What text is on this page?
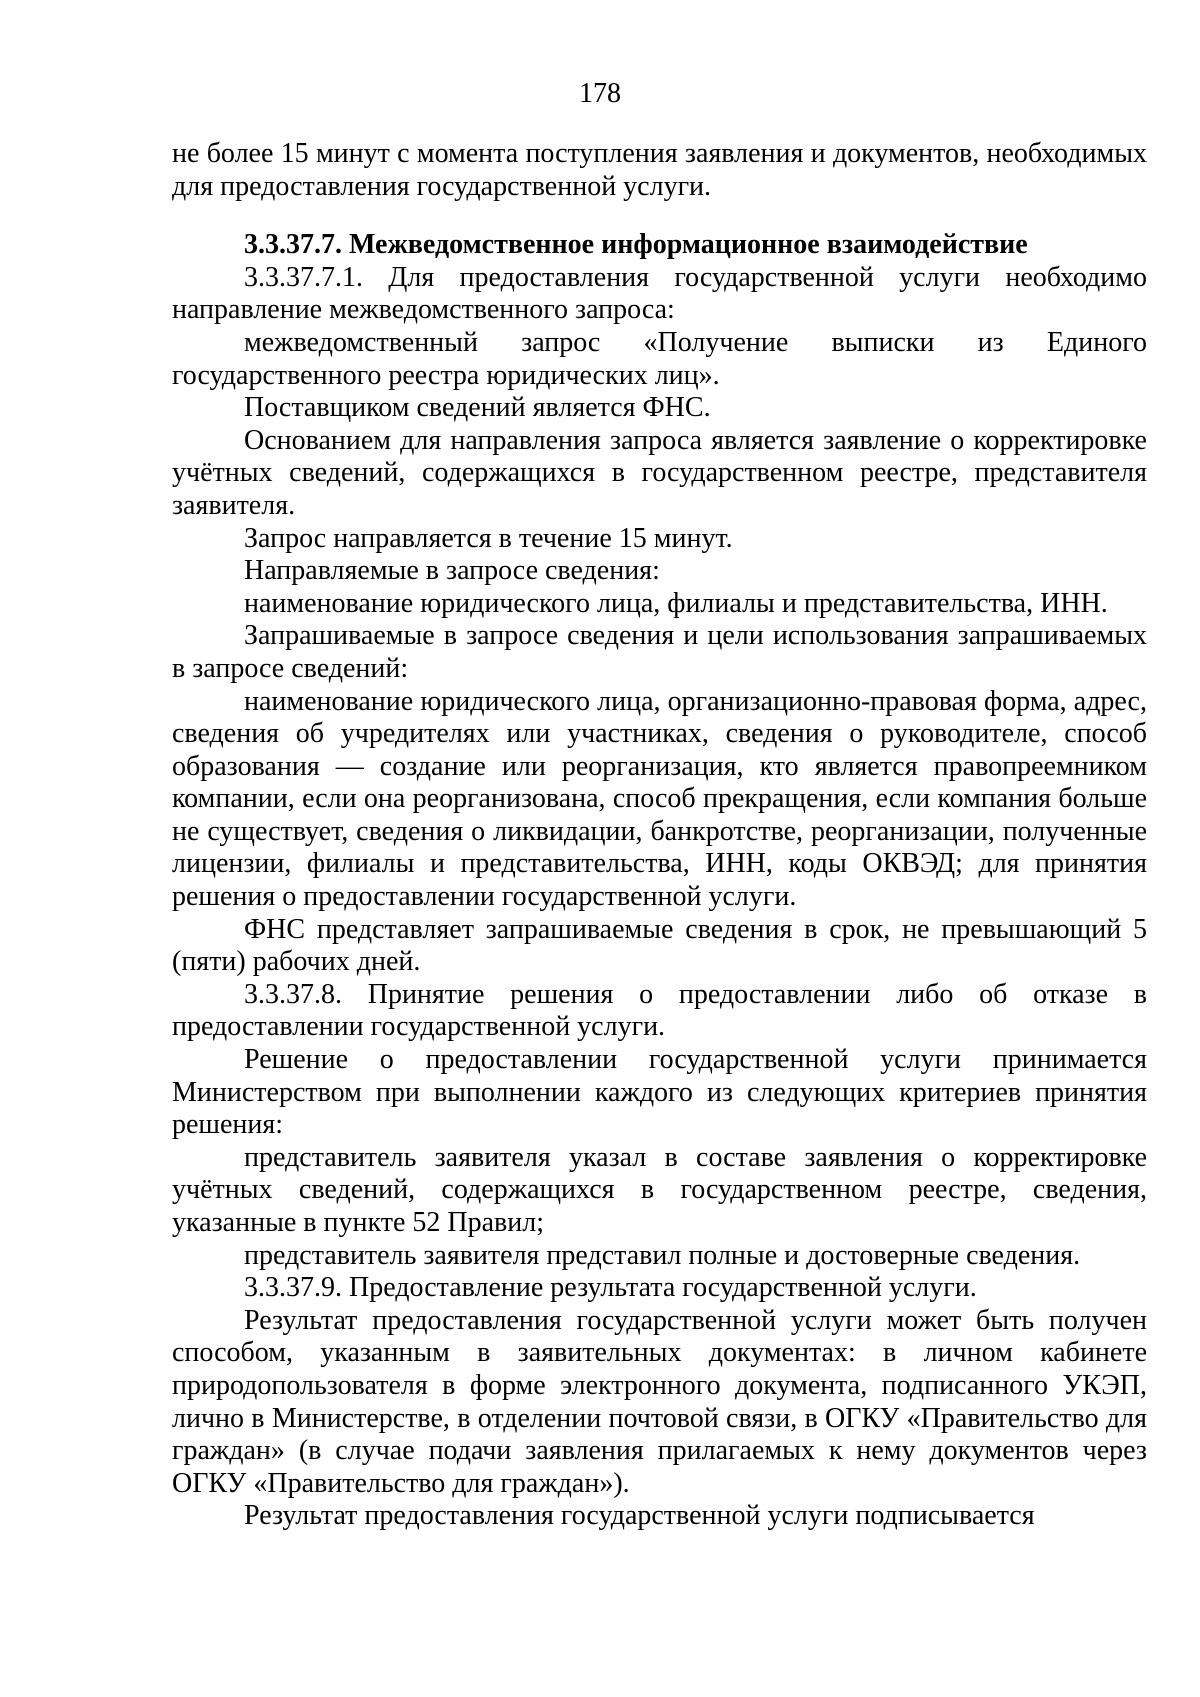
178

не более 15 минут с момента поступления заявления и документов, необходимых для предоставления государственной услуги.

3.3.37.7. Межведомственное информационное взаимодействие

3.3.37.7.1. Для предоставления государственной услуги необходимо направление межведомственного запроса:

межведомственный запрос «Получение выписки из Единого государственного реестра юридических лиц».

Поставщиком сведений является ФНС.

Основанием для направления запроса является заявление о корректировке учётных сведений, содержащихся в государственном реестре, представителя заявителя.

Запрос направляется в течение 15 минут.

Направляемые в запросе сведения:

наименование юридического лица, филиалы и представительства, ИНН.

Запрашиваемые в запросе сведения и цели использования запрашиваемых в запросе сведений:

наименование юридического лица, организационно-правовая форма, адрес, сведения об учредителях или участниках, сведения о руководителе, способ образования — создание или реорганизация, кто является правопреемником компании, если она реорганизована, способ прекращения, если компания больше не существует, сведения о ликвидации, банкротстве, реорганизации, полученные лицензии, филиалы и представительства, ИНН, коды ОКВЭД; для принятия решения о предоставлении государственной услуги.

ФНС представляет запрашиваемые сведения в срок, не превышающий 5 (пяти) рабочих дней.

3.3.37.8. Принятие решения о предоставлении либо об отказе в предоставлении государственной услуги.

Решение о предоставлении государственной услуги принимается Министерством при выполнении каждого из следующих критериев принятия решения:

представитель заявителя указал в составе заявления о корректировке учётных сведений, содержащихся в государственном реестре, сведения, указанные в пункте 52 Правил;

представитель заявителя представил полные и достоверные сведения.

3.3.37.9. Предоставление результата государственной услуги.

Результат предоставления государственной услуги может быть получен способом, указанным в заявительных документах: в личном кабинете природопользователя в форме электронного документа, подписанного УКЭП, лично в Министерстве, в отделении почтовой связи, в ОГКУ «Правительство для граждан» (в случае подачи заявления прилагаемых к нему документов через ОГКУ «Правительство для граждан»).

Результат предоставления государственной услуги подписывается
